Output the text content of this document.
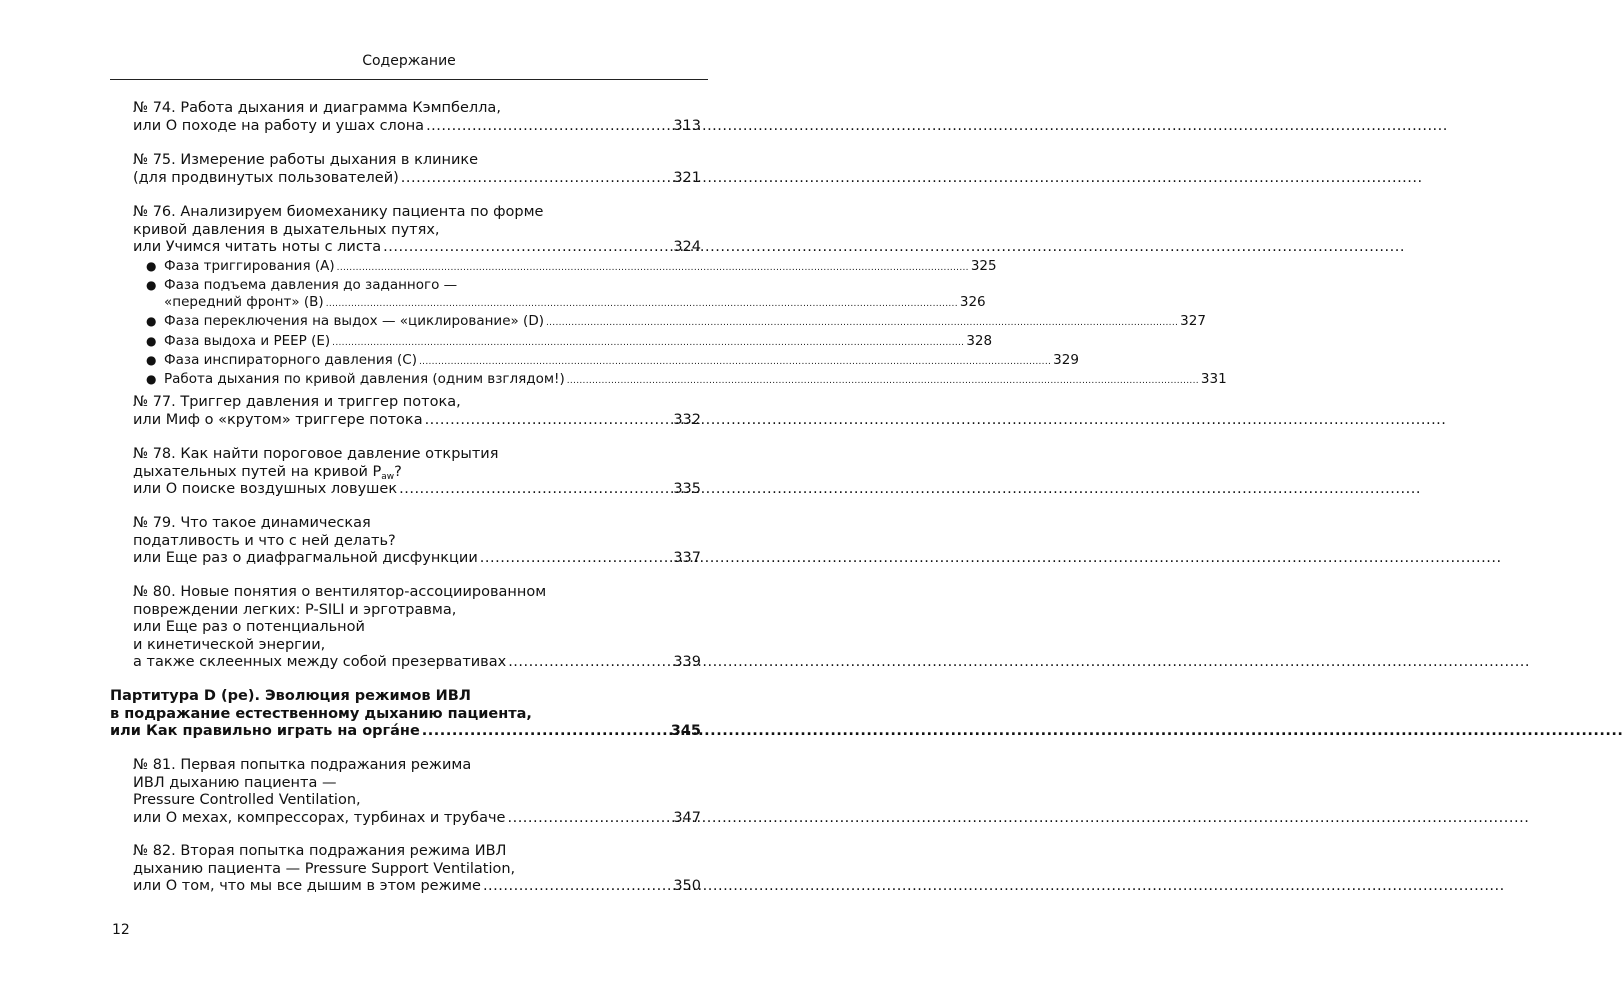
Содержание
№ 74. Работа дыхания и диаграмма Кэмпбелла,
или О походе на работу и ушах слона .....	313
№ 75. Измерение работы дыхания в клинике
(для продвинутых пользователей) .....	321
№ 76. Анализируем биомеханику пациента по форме
кривой давления в дыхательных путях,
или Учимся читать ноты с листа .....	324
● Фаза триггирования (А) .....	325
● Фаза подъема давления до заданного —
«передний фронт» (В) .....	326
● Фаза переключения на выдох — «циклирование» (D) .....	327
● Фаза выдоха и PEEP (E) .....	328
● Фаза инспираторного давления (С) .....	329
● Работа дыхания по кривой давления (одним взглядом!) .....	331
№ 77. Триггер давления и триггер потока,
или Миф о «крутом» триггере потока .....	332
№ 78. Как найти пороговое давление открытия
дыхательных путей на кривой $P_{aw}$?
или О поиске воздушных ловушек .....	335
№ 79. Что такое динамическая
податливость и что с ней делать?
или Еще раз о диафрагмальной дисфункции .....	337
№ 80. Новые понятия о вентилятор-ассоциированном
повреждении легких: P-SILI и эрготравма,
или Еще раз о потенциальной
и кинетической энергии,
а также склеенных между собой презервативах .....	339
Партитура D (ре). Эволюция режимов ИВЛ
в подражание естественному дыханию пациента,
или Как правильно играть на орга́не .....	345
№ 81. Первая попытка подражания режима
ИВЛ дыханию пациента —
Pressure Controlled Ventilation,
или О мехах, компрессорах, турбинах и трубаче .....	347
№ 82. Вторая попытка подражания режима ИВЛ
дыханию пациента — Pressure Support Ventilation,
или О том, что мы все дышим в этом режиме .....	350
12
